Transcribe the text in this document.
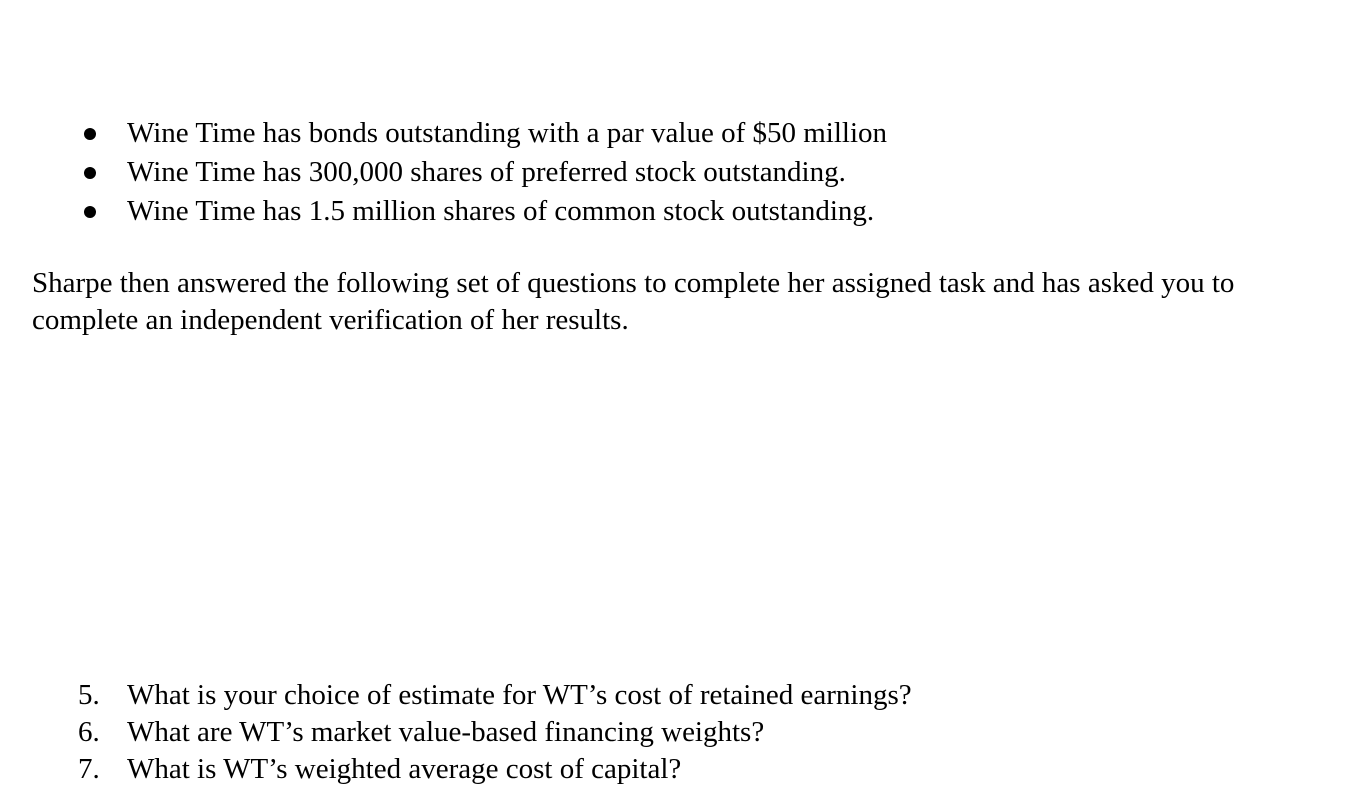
Wine Time has bonds outstanding with a par value of $50 million
Wine Time has 300,000 shares of preferred stock outstanding.
Wine Time has 1.5 million shares of common stock outstanding.

Sharpe then answered the following set of questions to complete her assigned task and has asked you to complete an independent verification of her results.

5. What is your choice of estimate for WT’s cost of retained earnings?
6. What are WT’s market value-based financing weights?
7. What is WT’s weighted average cost of capital?
